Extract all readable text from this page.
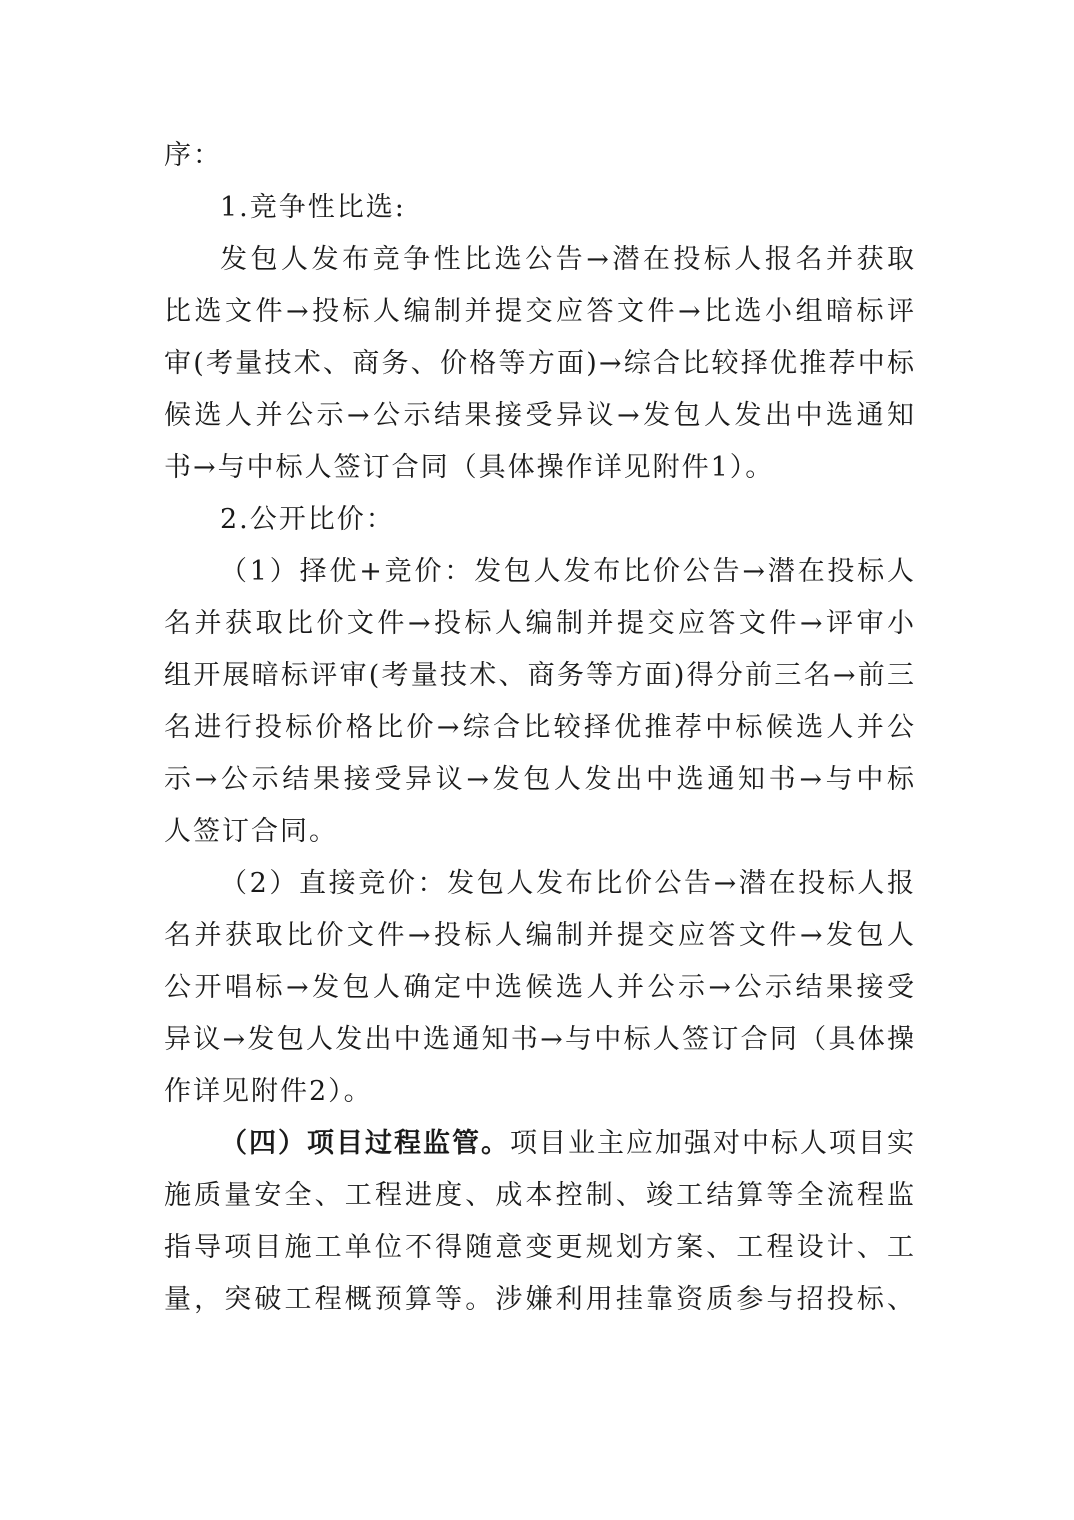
序：
1.竞争性比选:
发包人发布竞争性比选公告→潜在投标人报名并获取
比选文件→投标人编制并提交应答文件→比选小组暗标评
审(考量技术、商务、价格等方面)→综合比较择优推荐中标
候选人并公示→公示结果接受异议→发包人发出中选通知
书→与中标人签订合同（具体操作详见附件1）。
2.公开比价：
（1）择优+竞价：发包人发布比价公告→潜在投标人
名并获取比价文件→投标人编制并提交应答文件→评审小
组开展暗标评审(考量技术、商务等方面)得分前三名→前三
名进行投标价格比价→综合比较择优推荐中标候选人并公
示→公示结果接受异议→发包人发出中选通知书→与中标
人签订合同。
（2）直接竞价：发包人发布比价公告→潜在投标人报
名并获取比价文件→投标人编制并提交应答文件→发包人
公开唱标→发包人确定中选候选人并公示→公示结果接受
异议→发包人发出中选通知书→与中标人签订合同（具体操
作详见附件2）。
（四）项目过程监管。项目业主应加强对中标人项目实
施质量安全、工程进度、成本控制、竣工结算等全流程监
指导项目施工单位不得随意变更规划方案、工程设计、工
量，突破工程概预算等。涉嫌利用挂靠资质参与招投标、
